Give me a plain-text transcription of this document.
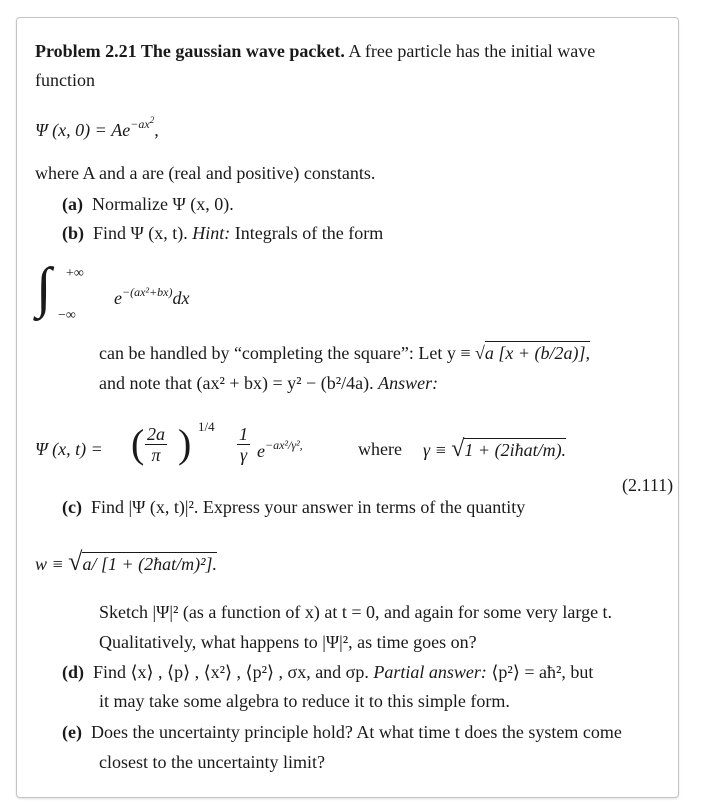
Problem 2.21 The gaussian wave packet. A free particle has the initial wave
function
Ψ (x, $0) = Ae^{-ax2}$,
where A and a are (real and positive) constants.
(a) Normalize Ψ (x, 0).
(b) Find Ψ (x, t). Hint: Integrals of the form
∫ +∞
−∞
$e^{-(ax^2+bx)}dx$
can be handled by “completing the square”: Let y ≡ √a [x + (b/2a)],
and note that (ax² + bx) = y² − (b²/4a). Answer:
Ψ (x, t) = ( $\frac{2a}{\pi}$ ) $1/4 \frac{1}{\gamma} e^{-ax^2/\gamma^2,}$	where γ ≡ √1 + (2iħat/m).
(2.111)
(c) Find |Ψ (x, t)|². Express your answer in terms of the quantity
w ≡ √a/ [1 + (2ħat/m)²].
Sketch |Ψ|² (as a function of x) at t = 0, and again for some very large t.
Qualitatively, what happens to |Ψ|², as time goes on?
(d) Find ⟨x⟩ , ⟨p⟩ , ⟨x²⟩ , ⟨p²⟩ , σx, and σp. Partial answer: ⟨p²⟩ = aħ², but
it may take some algebra to reduce it to this simple form.
(e) Does the uncertainty principle hold? At what time t does the system come
closest to the uncertainty limit?
